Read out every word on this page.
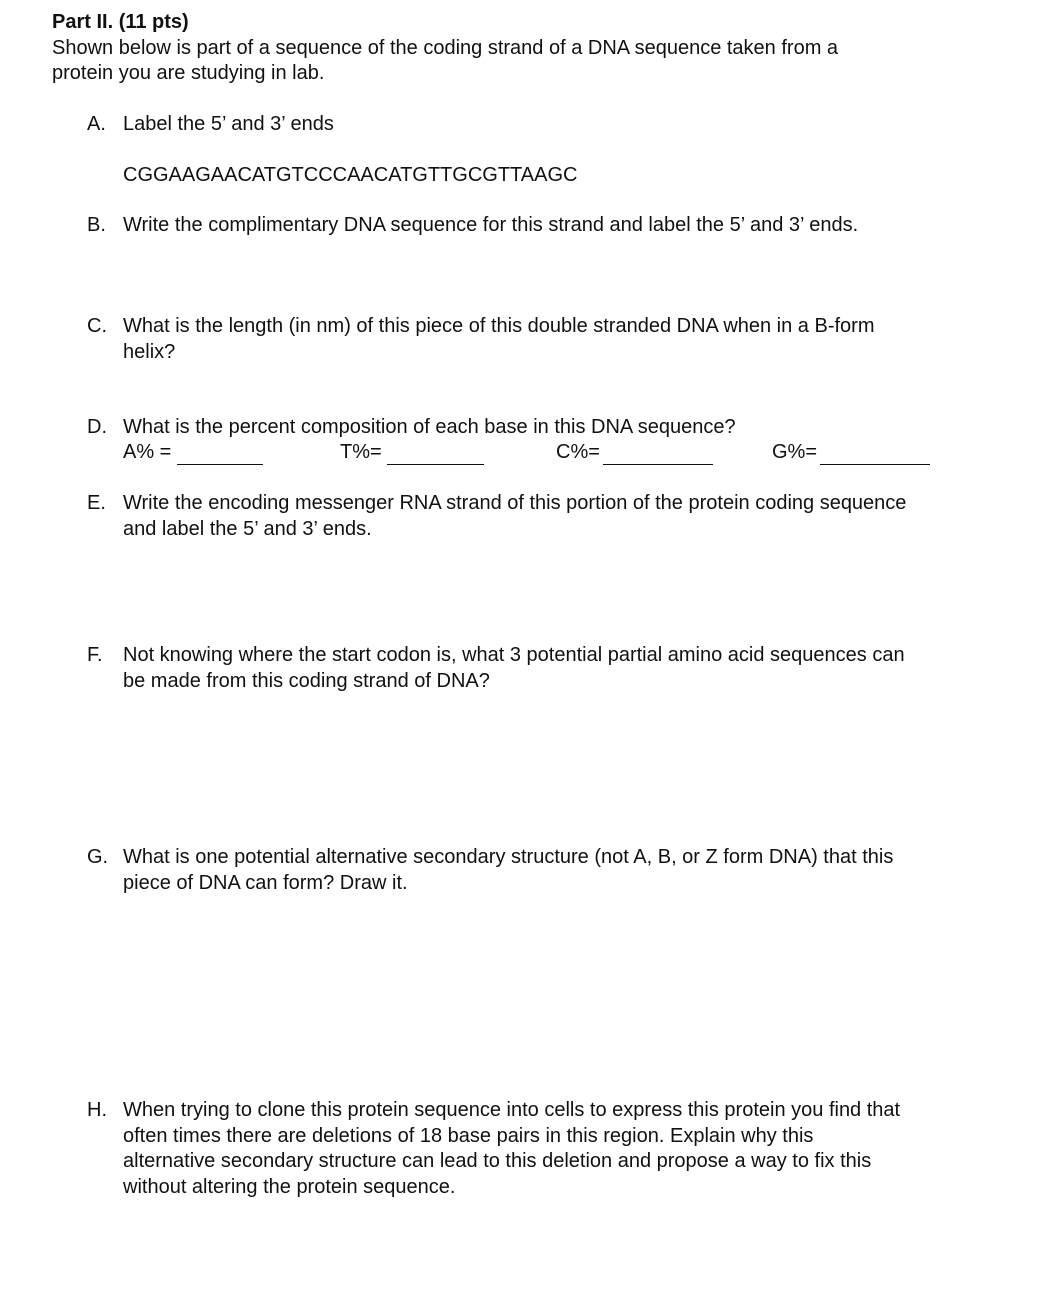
Part II. (11 pts)
Shown below is part of a sequence of the coding strand of a DNA sequence taken from a
protein you are studying in lab.
A. Label the 5’ and 3’ ends
CGGAAGAACATGTCCCAACATGTTGCGTTAAGC
B. Write the complimentary DNA sequence for this strand and label the 5’ and 3’ ends.
C. What is the length (in nm) of this piece of this double stranded DNA when in a B-form
helix?
D. What is the percent composition of each base in this DNA sequence?
A% =	T%=	C%=	G%=
E. Write the encoding messenger RNA strand of this portion of the protein coding sequence
and label the 5’ and 3’ ends.
F. Not knowing where the start codon is, what 3 potential partial amino acid sequences can
be made from this coding strand of DNA?
G. What is one potential alternative secondary structure (not A, B, or Z form DNA) that this
piece of DNA can form? Draw it.
H. When trying to clone this protein sequence into cells to express this protein you find that
often times there are deletions of 18 base pairs in this region. Explain why this
alternative secondary structure can lead to this deletion and propose a way to fix this
without altering the protein sequence.
